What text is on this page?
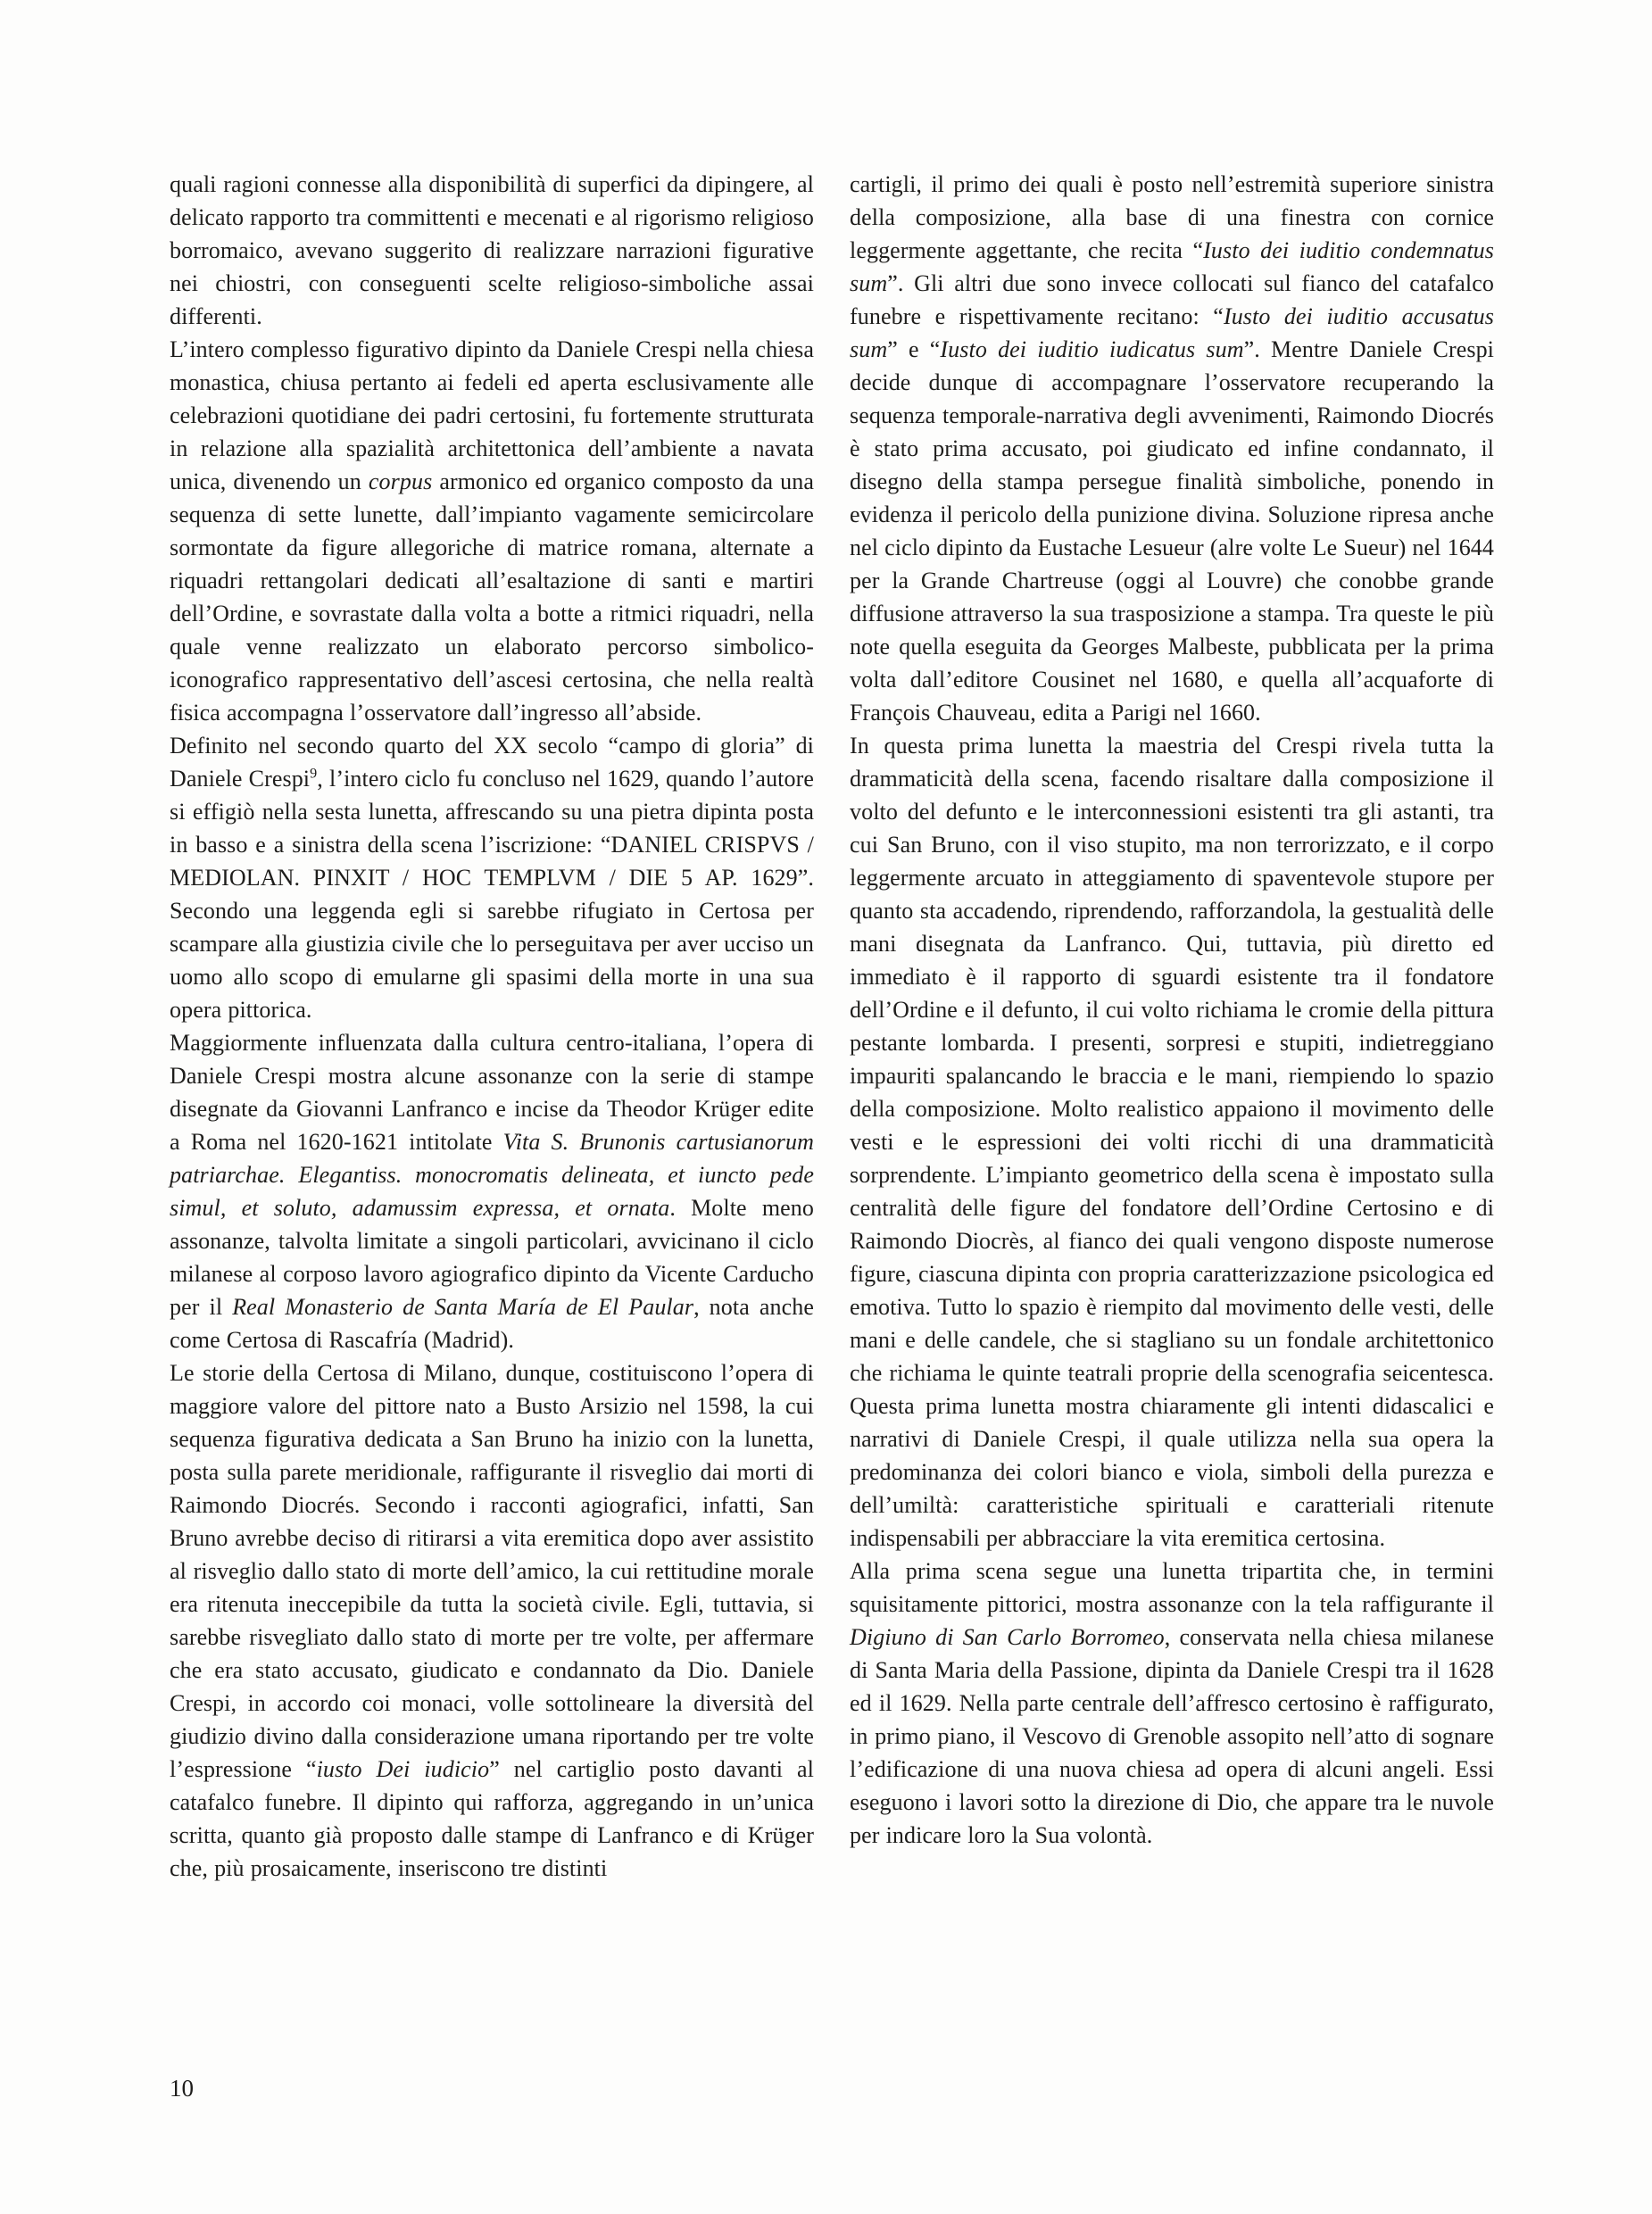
quali ragioni connesse alla disponibilità di superfici da dipingere, al delicato rapporto tra committenti e mecenati e al rigorismo religioso borromaico, avevano suggerito di realizzare narrazioni figurative nei chiostri, con conseguenti scelte religioso-simboliche assai differenti.

L’intero complesso figurativo dipinto da Daniele Crespi nella chiesa monastica, chiusa pertanto ai fedeli ed aperta esclusivamente alle celebrazioni quotidiane dei padri certosini, fu fortemente strutturata in relazione alla spazialità architettonica dell’ambiente a navata unica, divenendo un corpus armonico ed organico composto da una sequenza di sette lunette, dall’impianto vagamente semicircolare sormontate da figure allegoriche di matrice romana, alternate a riquadri rettangolari dedicati all’esaltazione di santi e martiri dell’Ordine, e sovrastate dalla volta a botte a ritmici riquadri, nella quale venne realizzato un elaborato percorso simbolico-iconografico rappresentativo dell’ascesi certosina, che nella realtà fisica accompagna l’osservatore dall’ingresso all’abside.

Definito nel secondo quarto del XX secolo “campo di gloria” di Daniele Crespi$^9$, l’intero ciclo fu concluso nel 1629, quando l’autore si effigiò nella sesta lunetta, affrescando su una pietra dipinta posta in basso e a sinistra della scena l’iscrizione: “DANIEL CRISPVS / MEDIOLAN. PINXIT / HOC TEMPLVM / DIE 5 AP. 1629”. Secondo una leggenda egli si sarebbe rifugiato in Certosa per scampare alla giustizia civile che lo perseguitava per aver ucciso un uomo allo scopo di emularne gli spasimi della morte in una sua opera pittorica.

Maggiormente influenzata dalla cultura centro-italiana, l’opera di Daniele Crespi mostra alcune assonanze con la serie di stampe disegnate da Giovanni Lanfranco e incise da Theodor Krüger edite a Roma nel 1620-1621 intitolate Vita S. Brunonis cartusianorum patriarchae. Elegantiss. monocromatis delineata, et iuncto pede simul, et soluto, adamussim expressa, et ornata. Molte meno assonanze, talvolta limitate a singoli particolari, avvicinano il ciclo milanese al corposo lavoro agiografico dipinto da Vicente Carducho per il Real Monasterio de Santa María de El Paular, nota anche come Certosa di Rascafría (Madrid).

Le storie della Certosa di Milano, dunque, costituiscono l’opera di maggiore valore del pittore nato a Busto Arsizio nel 1598, la cui sequenza figurativa dedicata a San Bruno ha inizio con la lunetta, posta sulla parete meridionale, raffigurante il risveglio dai morti di Raimondo Diocrés. Secondo i racconti agiografici, infatti, San Bruno avrebbe deciso di ritirarsi a vita eremitica dopo aver assistito al risveglio dallo stato di morte dell’amico, la cui rettitudine morale era ritenuta ineccepibile da tutta la società civile. Egli, tuttavia, si sarebbe risvegliato dallo stato di morte per tre volte, per affermare che era stato accusato, giudicato e condannato da Dio. Daniele Crespi, in accordo coi monaci, volle sottolineare la diversità del giudizio divino dalla considerazione umana riportando per tre volte l’espressione “iusto Dei iudicio” nel cartiglio posto davanti al catafalco funebre. Il dipinto qui rafforza, aggregando in un’unica scritta, quanto già proposto dalle stampe di Lanfranco e di Krüger che, più prosaicamente, inseriscono tre distinti

cartigli, il primo dei quali è posto nell’estremità superiore sinistra della composizione, alla base di una finestra con cornice leggermente aggettante, che recita “Iusto dei iuditio condemnatus sum”. Gli altri due sono invece collocati sul fianco del catafalco funebre e rispettivamente recitano: “Iusto dei iuditio accusatus sum” e “Iusto dei iuditio iudicatus sum”. Mentre Daniele Crespi decide dunque di accompagnare l’osservatore recuperando la sequenza temporale-narrativa degli avvenimenti, Raimondo Diocrés è stato prima accusato, poi giudicato ed infine condannato, il disegno della stampa persegue finalità simboliche, ponendo in evidenza il pericolo della punizione divina. Soluzione ripresa anche nel ciclo dipinto da Eustache Lesueur (alre volte Le Sueur) nel 1644 per la Grande Chartreuse (oggi al Louvre) che conobbe grande diffusione attraverso la sua trasposizione a stampa. Tra queste le più note quella eseguita da Georges Malbeste, pubblicata per la prima volta dall’editore Cousinet nel 1680, e quella all’acquaforte di François Chauveau, edita a Parigi nel 1660.

In questa prima lunetta la maestria del Crespi rivela tutta la drammaticità della scena, facendo risaltare dalla composizione il volto del defunto e le interconnessioni esistenti tra gli astanti, tra cui San Bruno, con il viso stupito, ma non terrorizzato, e il corpo leggermente arcuato in atteggiamento di spaventevole stupore per quanto sta accadendo, riprendendo, rafforzandola, la gestualità delle mani disegnata da Lanfranco. Qui, tuttavia, più diretto ed immediato è il rapporto di sguardi esistente tra il fondatore dell’Ordine e il defunto, il cui volto richiama le cromie della pittura pestante lombarda. I presenti, sorpresi e stupiti, indietreggiano impauriti spalancando le braccia e le mani, riempiendo lo spazio della composizione. Molto realistico appaiono il movimento delle vesti e le espressioni dei volti ricchi di una drammaticità sorprendente. L’impianto geometrico della scena è impostato sulla centralità delle figure del fondatore dell’Ordine Certosino e di Raimondo Diocrès, al fianco dei quali vengono disposte numerose figure, ciascuna dipinta con propria caratterizzazione psicologica ed emotiva. Tutto lo spazio è riempito dal movimento delle vesti, delle mani e delle candele, che si stagliano su un fondale architettonico che richiama le quinte teatrali proprie della scenografia seicentesca. Questa prima lunetta mostra chiaramente gli intenti didascalici e narrativi di Daniele Crespi, il quale utilizza nella sua opera la predominanza dei colori bianco e viola, simboli della purezza e dell’umiltà: caratteristiche spirituali e caratteriali ritenute indispensabili per abbracciare la vita eremitica certosina.

Alla prima scena segue una lunetta tripartita che, in termini squisitamente pittorici, mostra assonanze con la tela raffigurante il Digiuno di San Carlo Borromeo, conservata nella chiesa milanese di Santa Maria della Passione, dipinta da Daniele Crespi tra il 1628 ed il 1629. Nella parte centrale dell’affresco certosino è raffigurato, in primo piano, il Vescovo di Grenoble assopito nell’atto di sognare l’edificazione di una nuova chiesa ad opera di alcuni angeli. Essi eseguono i lavori sotto la direzione di Dio, che appare tra le nuvole per indicare loro la Sua volontà.

10
